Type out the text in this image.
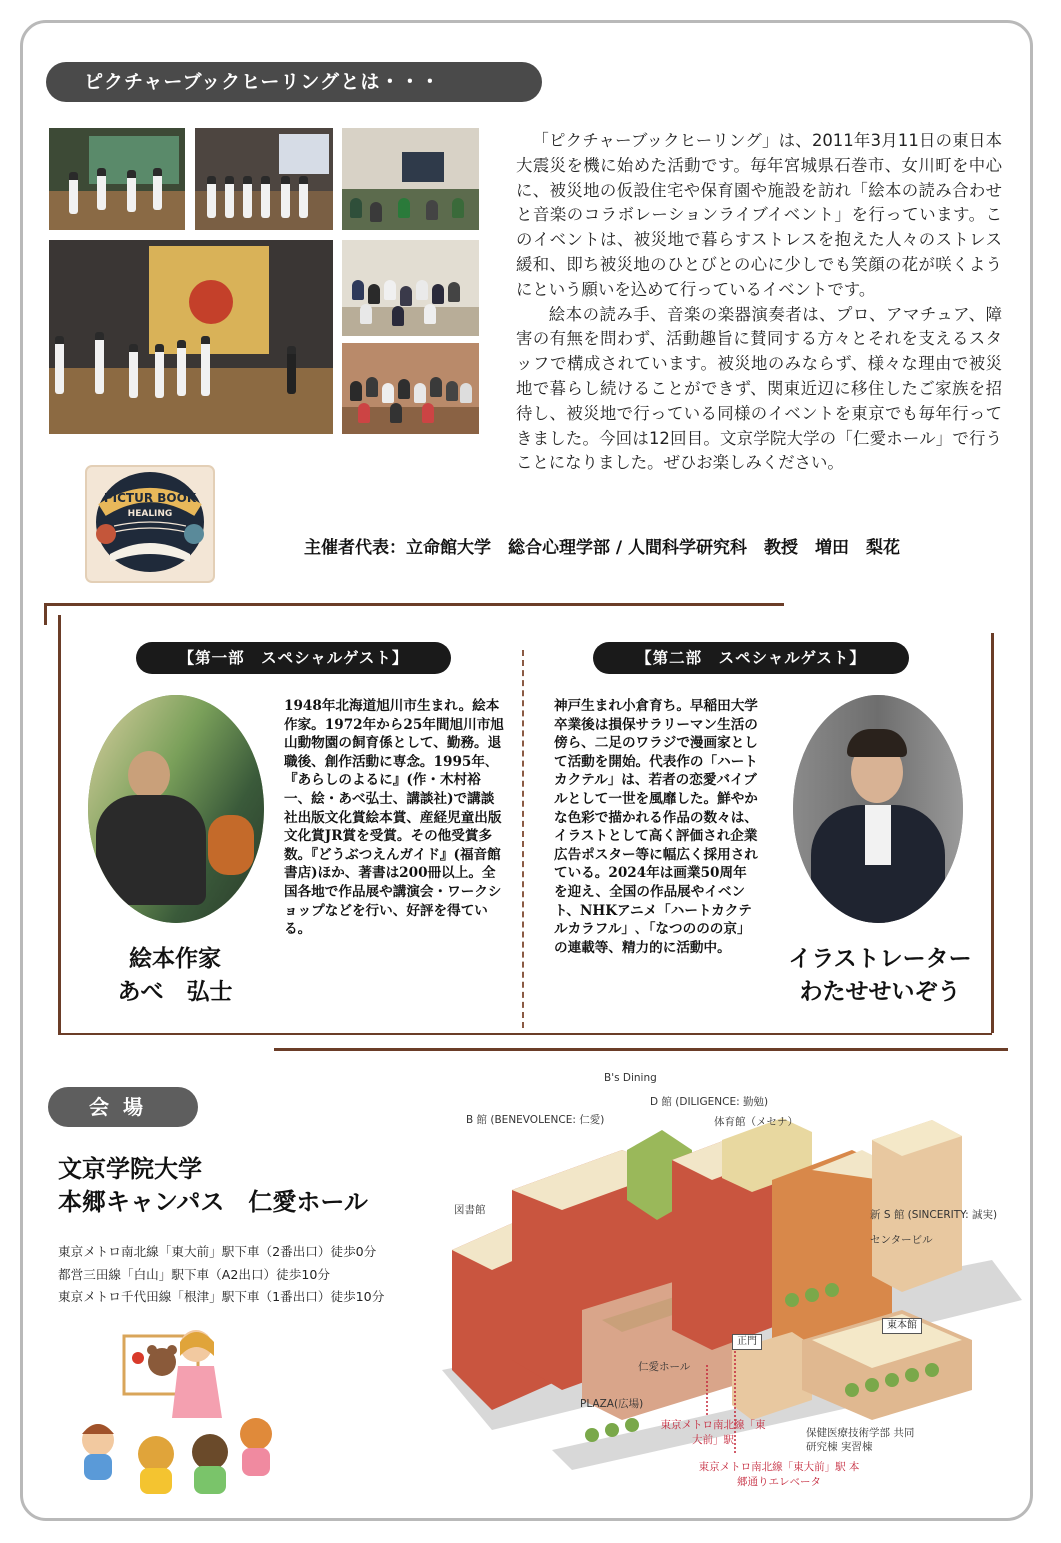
ピクチャーブックヒーリングとは・・・

「ピクチャーブックヒーリング」は、2011年3月11日の東日本大震災を機に始めた活動です。毎年宮城県石巻市、女川町を中心に、被災地の仮設住宅や保育園や施設を訪れ「絵本の読み合わせと音楽のコラボレーションライブイベント」を行っています。このイベントは、被災地で暮らすストレスを抱えた人々のストレス緩和、即ち被災地のひとびとの心に少しでも笑顔の花が咲くようにという願いを込めて行っているイベントです。

絵本の読み手、音楽の楽器演奏者は、プロ、アマチュア、障害の有無を問わず、活動趣旨に賛同する方々とそれを支えるスタッフで構成されています。被災地のみならず、様々な理由で被災地で暮らし続けることができず、関東近辺に移住したご家族を招待し、被災地で行っている同様のイベントを東京でも毎年行ってきました。今回は12回目。文京学院大学の「仁愛ホール」で行うことになりました。ぜひお楽しみください。

PICTUR BOOK
HEALING
主催者代表：立命館大学　総合心理学部 / 人間科学研究科　教授　増田　梨花
【第一部　スペシャルゲスト】
1948年北海道旭川市生まれ。絵本作家。1972年から25年間旭川市旭山動物園の飼育係として、勤務。退職後、創作活動に専念。1995年､『あらしのよるに』(作・木村裕一、絵・あべ弘士、講談社)で講談社出版文化賞絵本賞、産経児童出版文化賞JR賞を受賞。その他受賞多数。『どうぶつえんガイド』(福音館書店)ほか、著書は200冊以上。全国各地で作品展や講演会・ワークショップなどを行い、好評を得ている。
絵本作家
あべ　弘士
【第二部　スペシャルゲスト】
神戸生まれ小倉育ち。早稲田大学卒業後は損保サラリーマン生活の傍ら、二足のワラジで漫画家として活動を開始。代表作の「ハートカクテル」は、若者の恋愛バイブルとして一世を風靡した。鮮やかな色彩で描かれる作品の数々は、イラストとして高く評価され企業広告ポスター等に幅広く採用されている。2024年は画業50周年を迎え、全国の作品展やイベント、NHKアニメ「ハートカクテルカラフル」､「なつののの京」の連載等、精力的に活動中。	イラストレーター
わたせせいぞう
会場
文京学院大学
本郷キャンパス　仁愛ホール
東京メトロ南北線「東大前」駅下車（2番出口）徒歩0分
都営三田線「白山」駅下車（A2出口）徒歩10分
東京メトロ千代田線「根津」駅下車（1番出口）徒歩10分
B's Dining
D 館 (DILIGENCE: 勤勉)
B 館 (BENEVOLENCE: 仁愛)	体育館（メセナ）
図書館	新 S 館 (SINCERITY: 誠実)
センタービル
正門
東本館
仁愛ホール
PLAZA(広場)
東京メトロ南北線「東大前」駅
保健医療技術学部 共同研究棟 実習棟
東京メトロ南北線「東大前」駅 本郷通りエレベータ
